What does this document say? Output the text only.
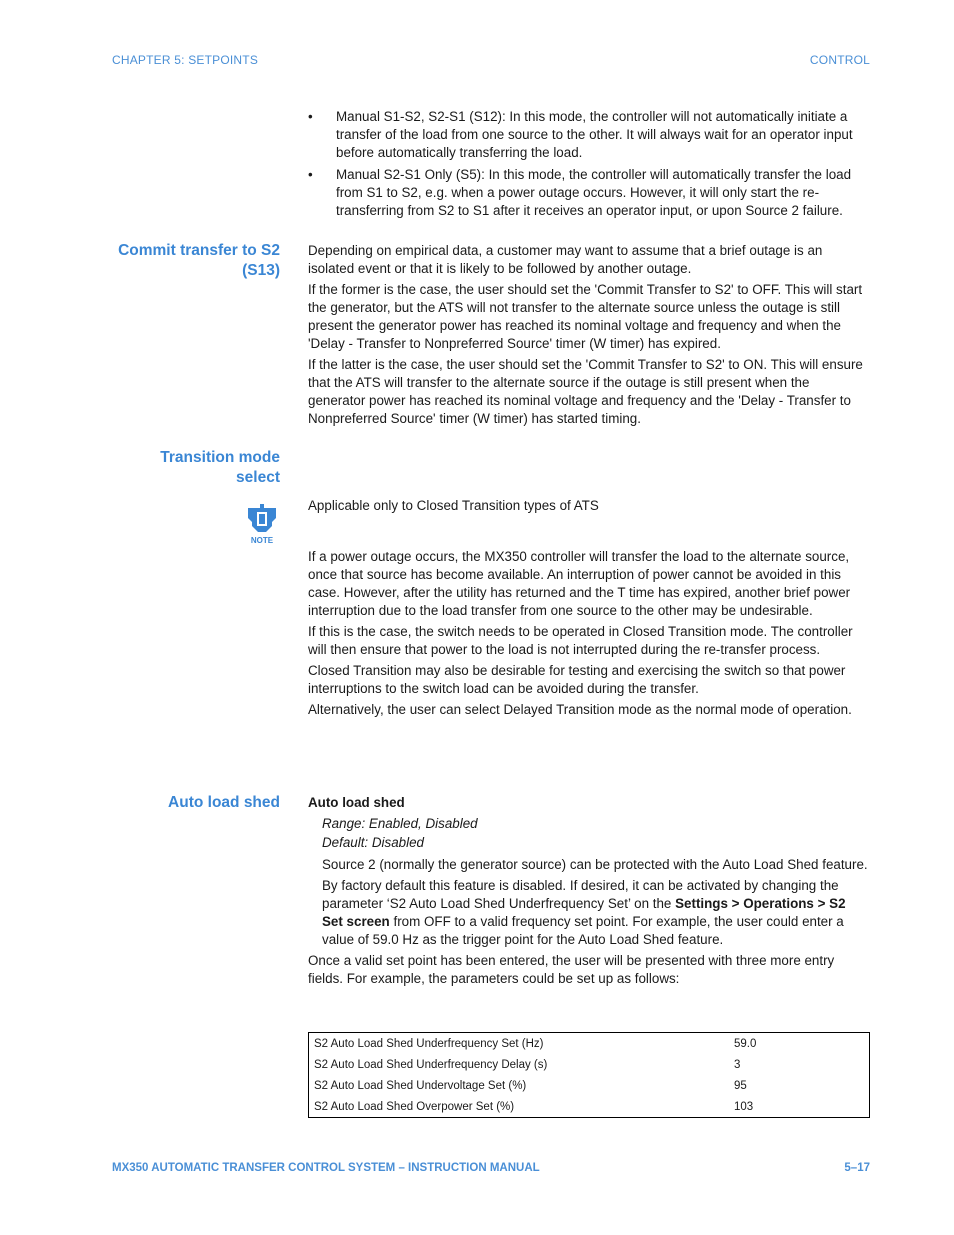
CHAPTER 5: SETPOINTS	CONTROL
• Manual S1-S2, S2-S1 (S12): In this mode, the controller will not automatically initiate a transfer of the load from one source to the other. It will always wait for an operator input before automatically transferring the load.
• Manual S2-S1 Only (S5): In this mode, the controller will automatically transfer the load from S1 to S2, e.g. when a power outage occurs. However, it will only start the re-transferring from S2 to S1 after it receives an operator input, or upon Source 2 failure.
Commit transfer to S2
(S13)

Depending on empirical data, a customer may want to assume that a brief outage is an isolated event or that it is likely to be followed by another outage.

If the former is the case, the user should set the 'Commit Transfer to S2' to OFF. This will start the generator, but the ATS will not transfer to the alternate source unless the outage is still present the generator power has reached its nominal voltage and frequency and when the 'Delay - Transfer to Nonpreferred Source' timer (W timer) has expired.

If the latter is the case, the user should set the 'Commit Transfer to S2' to ON. This will ensure that the ATS will transfer to the alternate source if the outage is still present when the generator power has reached its nominal voltage and frequency and the 'Delay - Transfer to Nonpreferred Source' timer (W timer) has started timing.

Transition mode
select
NOTE
Applicable only to Closed Transition types of ATS

If a power outage occurs, the MX350 controller will transfer the load to the alternate source, once that source has become available. An interruption of power cannot be avoided in this case. However, after the utility has returned and the T time has expired, another brief power interruption due to the load transfer from one source to the other may be undesirable.

If this is the case, the switch needs to be operated in Closed Transition mode. The controller will then ensure that power to the load is not interrupted during the re-transfer process.

Closed Transition may also be desirable for testing and exercising the switch so that power interruptions to the switch load can be avoided during the transfer.

Alternatively, the user can select Delayed Transition mode as the normal mode of operation.

Auto load shed Auto load shed

Range: Enabled, Disabled

Default: Disabled

Source 2 (normally the generator source) can be protected with the Auto Load Shed feature.

By factory default this feature is disabled. If desired, it can be activated by changing the parameter ‘S2 Auto Load Shed Underfrequency Set’ on the Settings > Operations > S2 Set screen from OFF to a valid frequency set point. For example, the user could enter a value of 59.0 Hz as the trigger point for the Auto Load Shed feature.

Once a valid set point has been entered, the user will be presented with three more entry fields. For example, the parameters could be set up as follows:

S2 Auto Load Shed Underfrequency Set (Hz)	59.0
S2 Auto Load Shed Underfrequency Delay (s)	3
S2 Auto Load Shed Undervoltage Set (%)	95
S2 Auto Load Shed Overpower Set (%)	103
MX350 AUTOMATIC TRANSFER CONTROL SYSTEM – INSTRUCTION MANUAL	5–17
